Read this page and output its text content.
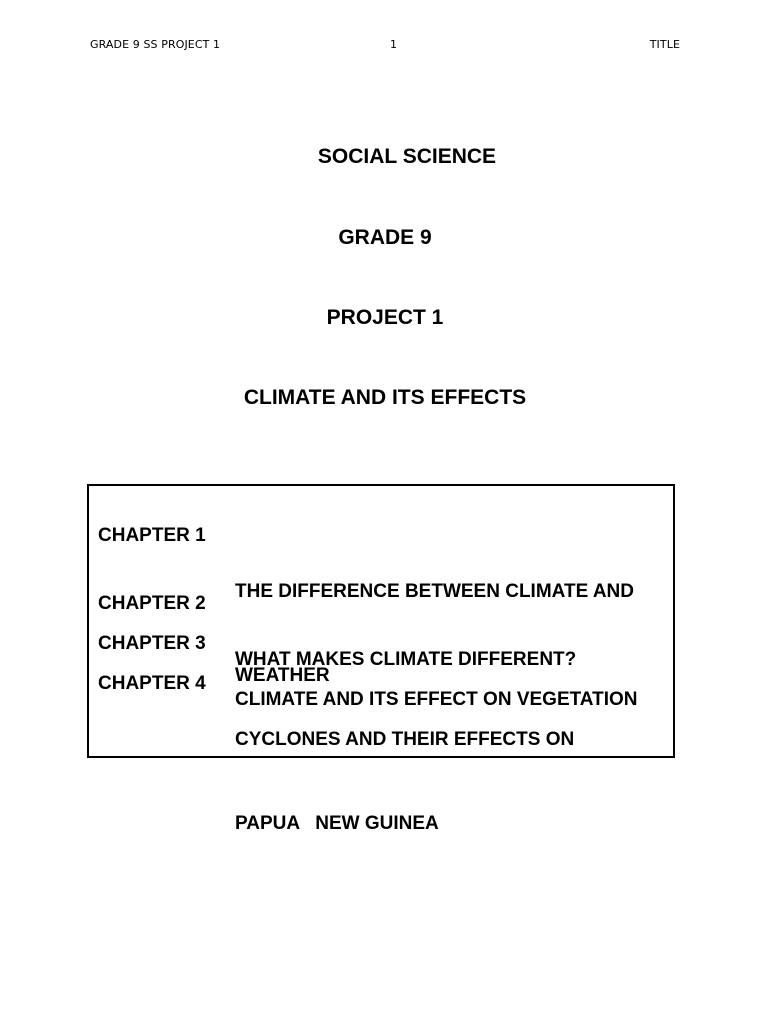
GRADE 9 SS PROJECT 1	1	TITLE
SOCIAL SCIENCE
GRADE 9
PROJECT 1
CLIMATE AND ITS EFFECTS
CHAPTER 1

THE DIFFERENCE BETWEEN CLIMATE AND

WEATHER

CHAPTER 2

WHAT MAKES CLIMATE DIFFERENT?

CHAPTER 3

CLIMATE AND ITS EFFECT ON VEGETATION

CHAPTER 4

CYCLONES AND THEIR EFFECTS ON

PAPUA   NEW GUINEA
